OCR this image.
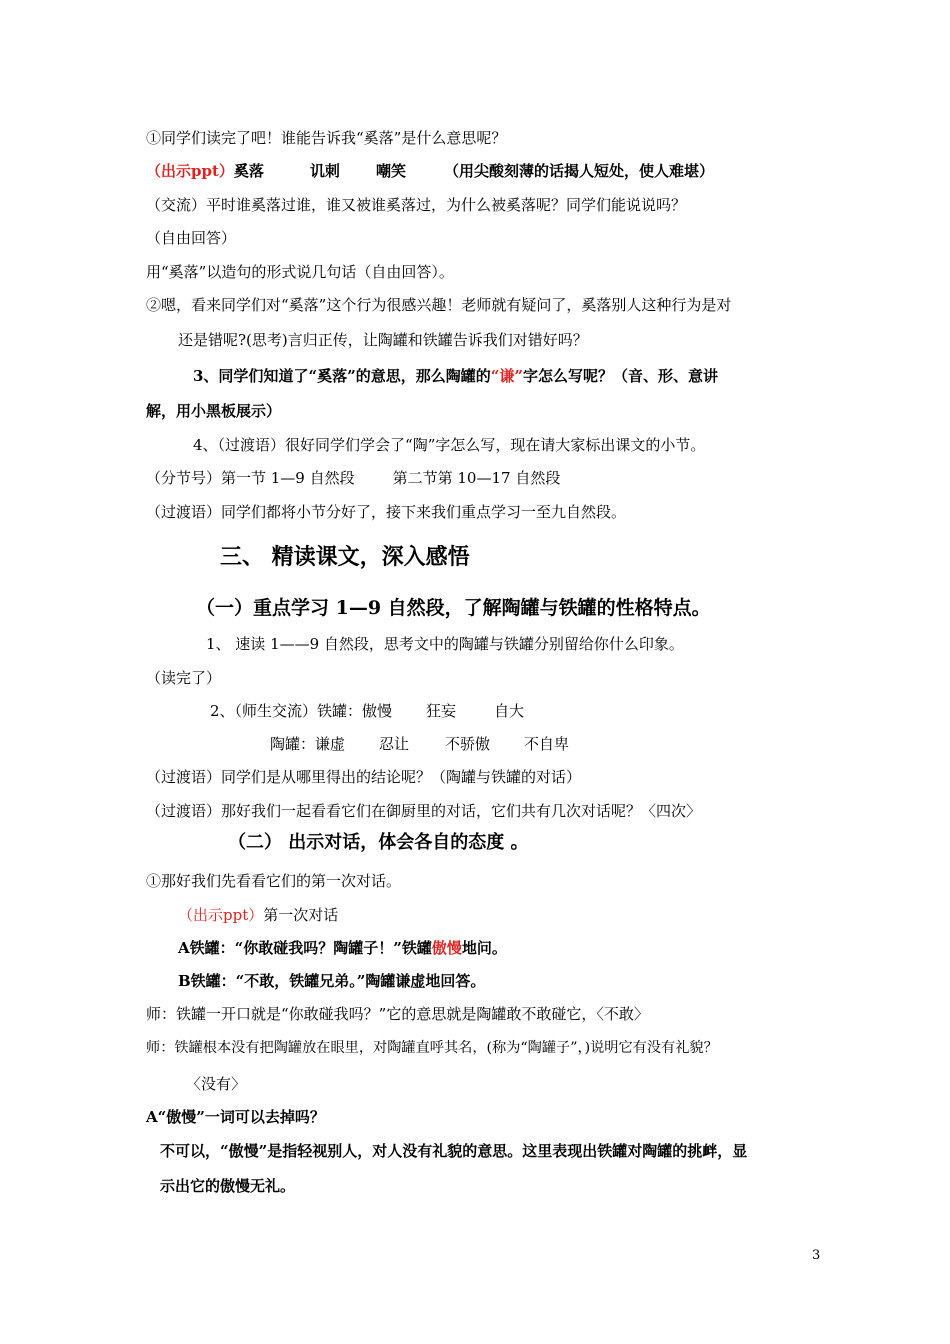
①同学们读完了吧！谁能告诉我“奚落”是什么意思呢？
（出示ppt）奚落	讥刺 嘲笑	（用尖酸刻薄的话揭人短处，使人难堪）
（交流）平时谁奚落过谁，谁又被谁奚落过，为什么被奚落呢？同学们能说说吗？
（自由回答）
用“奚落”以造句的形式说几句话（自由回答）。
②嗯，看来同学们对“奚落”这个行为很感兴趣！老师就有疑问了，奚落别人这种行为是对
还是错呢?(思考)言归正传，让陶罐和铁罐告诉我们对错好吗？
3、同学们知道了“奚落”的意思，那么陶罐的“谦”字怎么写呢？（音、形、意讲
解，用小黑板展示）
4、（过渡语）很好同学们学会了“陶”字怎么写，现在请大家标出课文的小节。
（分节号）第一节 1—9 自然段	第二节第 10—17 自然段
（过渡语）同学们都将小节分好了，接下来我们重点学习一至九自然段。
三、 精读课文，深入感悟
（一）重点学习 1—9 自然段，了解陶罐与铁罐的性格特点。
1、 速读 1——9 自然段，思考文中的陶罐与铁罐分别留给你什么印象。
（读完了）
2、（师生交流）铁罐：傲慢 狂妄	自大
陶罐：谦虚 忍让 不骄傲 不自卑
（过渡语）同学们是从哪里得出的结论呢？（陶罐与铁罐的对话）
（过渡语）那好我们一起看看它们在御厨里的对话，它们共有几次对话呢？〈四次〉
（二） 出示对话，体会各自的态度 。
①那好我们先看看它们的第一次对话。
（出示ppt）第一次对话
A铁罐：“你敢碰我吗？陶罐子！”铁罐傲慢地问。
B铁罐：“不敢，铁罐兄弟。”陶罐谦虚地回答。
师：铁罐一开口就是“你敢碰我吗？”它的意思就是陶罐敢不敢碰它，〈不敢〉
师：铁罐根本没有把陶罐放在眼里，对陶罐直呼其名，(称为“陶罐子”，)说明它有没有礼貌？
〈没有〉
A“傲慢”一词可以去掉吗？
不可以，“傲慢”是指轻视别人，对人没有礼貌的意思。这里表现出铁罐对陶罐的挑衅，显
示出它的傲慢无礼。
3
